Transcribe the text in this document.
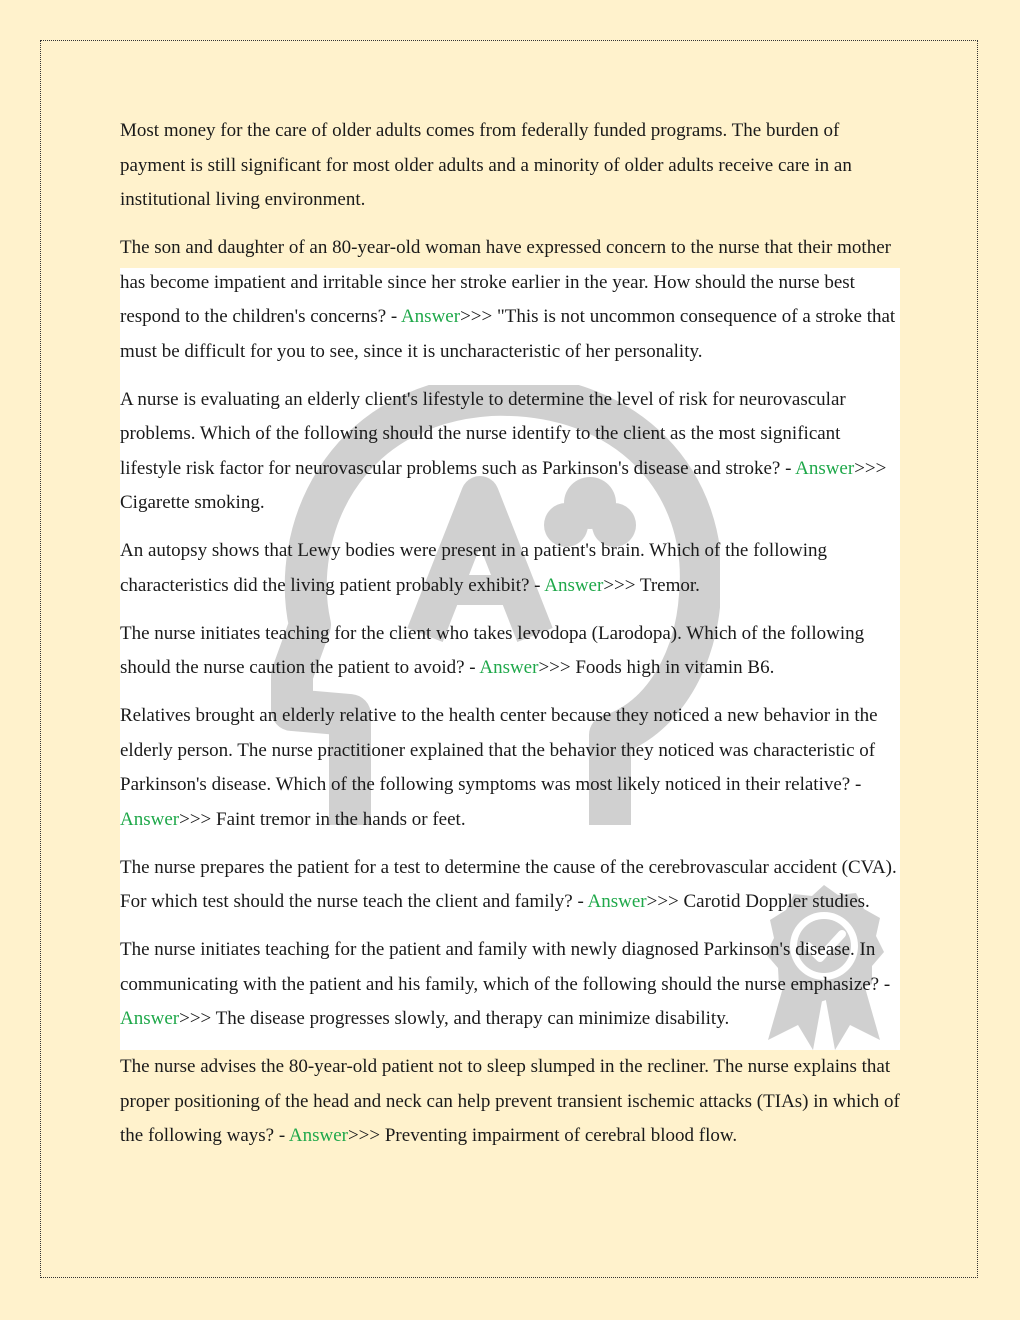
Most money for the care of older adults comes from federally funded programs. The burden of payment is still significant for most older adults and a minority of older adults receive care in an institutional living environment.

The son and daughter of an 80-year-old woman have expressed concern to the nurse that their mother has become impatient and irritable since her stroke earlier in the year. How should the nurse best respond to the children's concerns? - Answer>>> "This is not uncommon consequence of a stroke that must be difficult for you to see, since it is uncharacteristic of her personality.

A nurse is evaluating an elderly client's lifestyle to determine the level of risk for neurovascular problems. Which of the following should the nurse identify to the client as the most significant lifestyle risk factor for neurovascular problems such as Parkinson's disease and stroke? - Answer>>> Cigarette smoking.

An autopsy shows that Lewy bodies were present in a patient's brain. Which of the following characteristics did the living patient probably exhibit? - Answer>>> Tremor.

The nurse initiates teaching for the client who takes levodopa (Larodopa). Which of the following should the nurse caution the patient to avoid? - Answer>>> Foods high in vitamin B6.

Relatives brought an elderly relative to the health center because they noticed a new behavior in the elderly person. The nurse practitioner explained that the behavior they noticed was characteristic of Parkinson's disease. Which of the following symptoms was most likely noticed in their relative? - Answer>>> Faint tremor in the hands or feet.

The nurse prepares the patient for a test to determine the cause of the cerebrovascular accident (CVA). For which test should the nurse teach the client and family? - Answer>>> Carotid Doppler studies.

The nurse initiates teaching for the patient and family with newly diagnosed Parkinson's disease. In communicating with the patient and his family, which of the following should the nurse emphasize? - Answer>>> The disease progresses slowly, and therapy can minimize disability.

The nurse advises the 80-year-old patient not to sleep slumped in the recliner. The nurse explains that proper positioning of the head and neck can help prevent transient ischemic attacks (TIAs) in which of the following ways? - Answer>>> Preventing impairment of cerebral blood flow.
